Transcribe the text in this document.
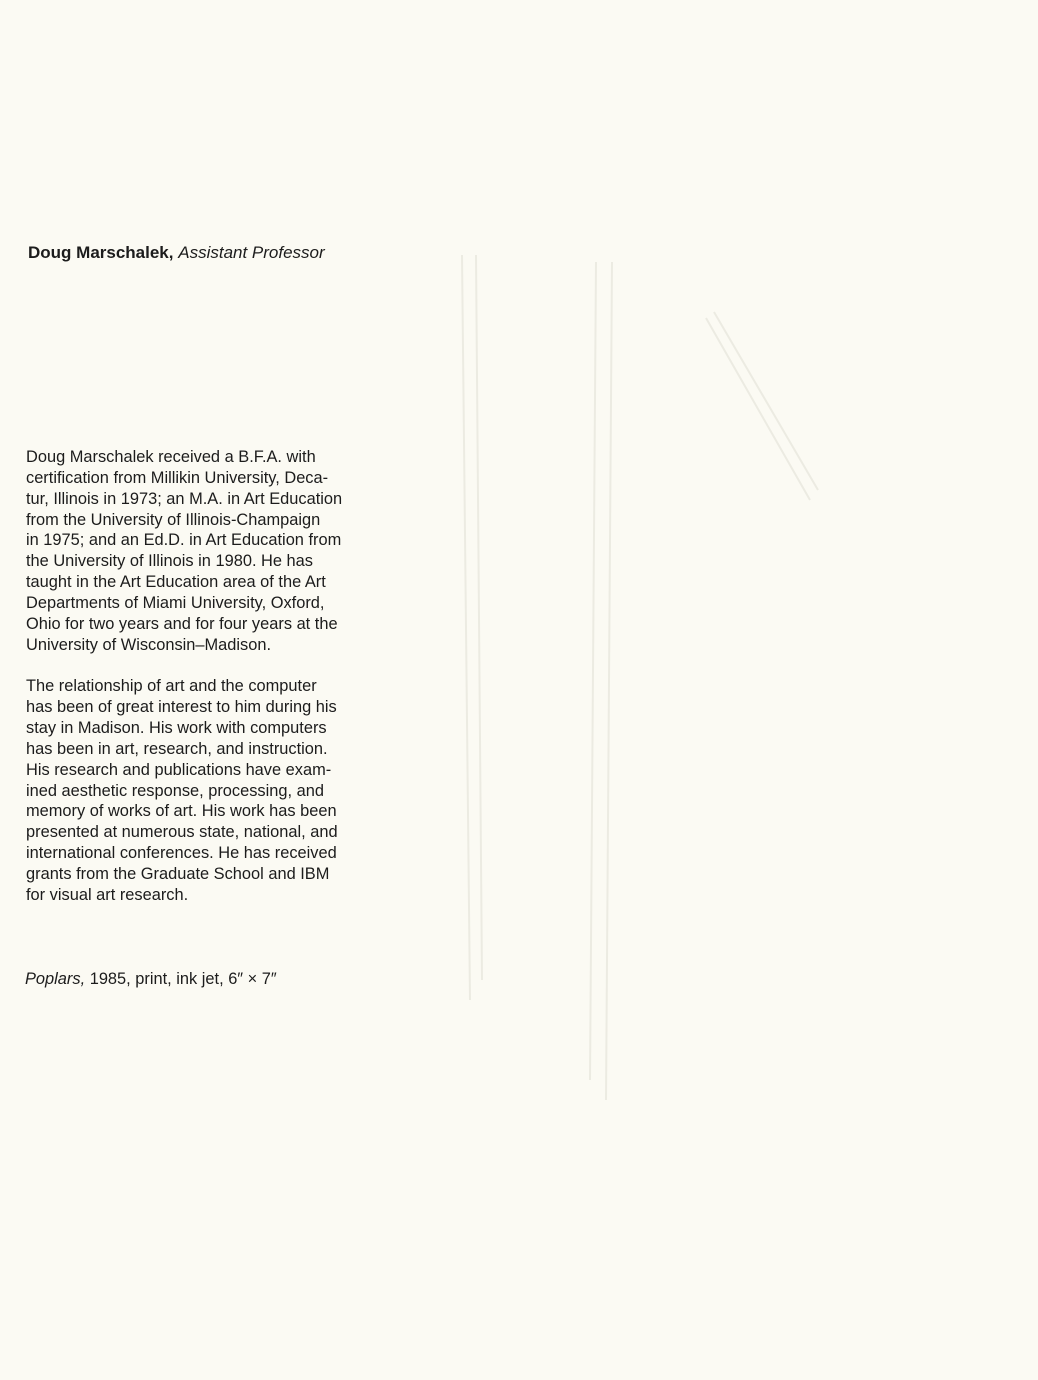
Doug Marschalek, Assistant Professor
Doug Marschalek received a B.F.A. with
certification from Millikin University, Deca-
tur, Illinois in 1973; an M.A. in Art Education
from the University of Illinois-Champaign
in 1975; and an Ed.D. in Art Education from
the University of Illinois in 1980. He has
taught in the Art Education area of the Art
Departments of Miami University, Oxford,
Ohio for two years and for four years at the
University of Wisconsin–Madison.
The relationship of art and the computer
has been of great interest to him during his
stay in Madison. His work with computers
has been in art, research, and instruction.
His research and publications have exam-
ined aesthetic response, processing, and
memory of works of art. His work has been
presented at numerous state, national, and
international conferences. He has received
grants from the Graduate School and IBM
for visual art research.
Poplars, 1985, print, ink jet, 6″ × 7″
